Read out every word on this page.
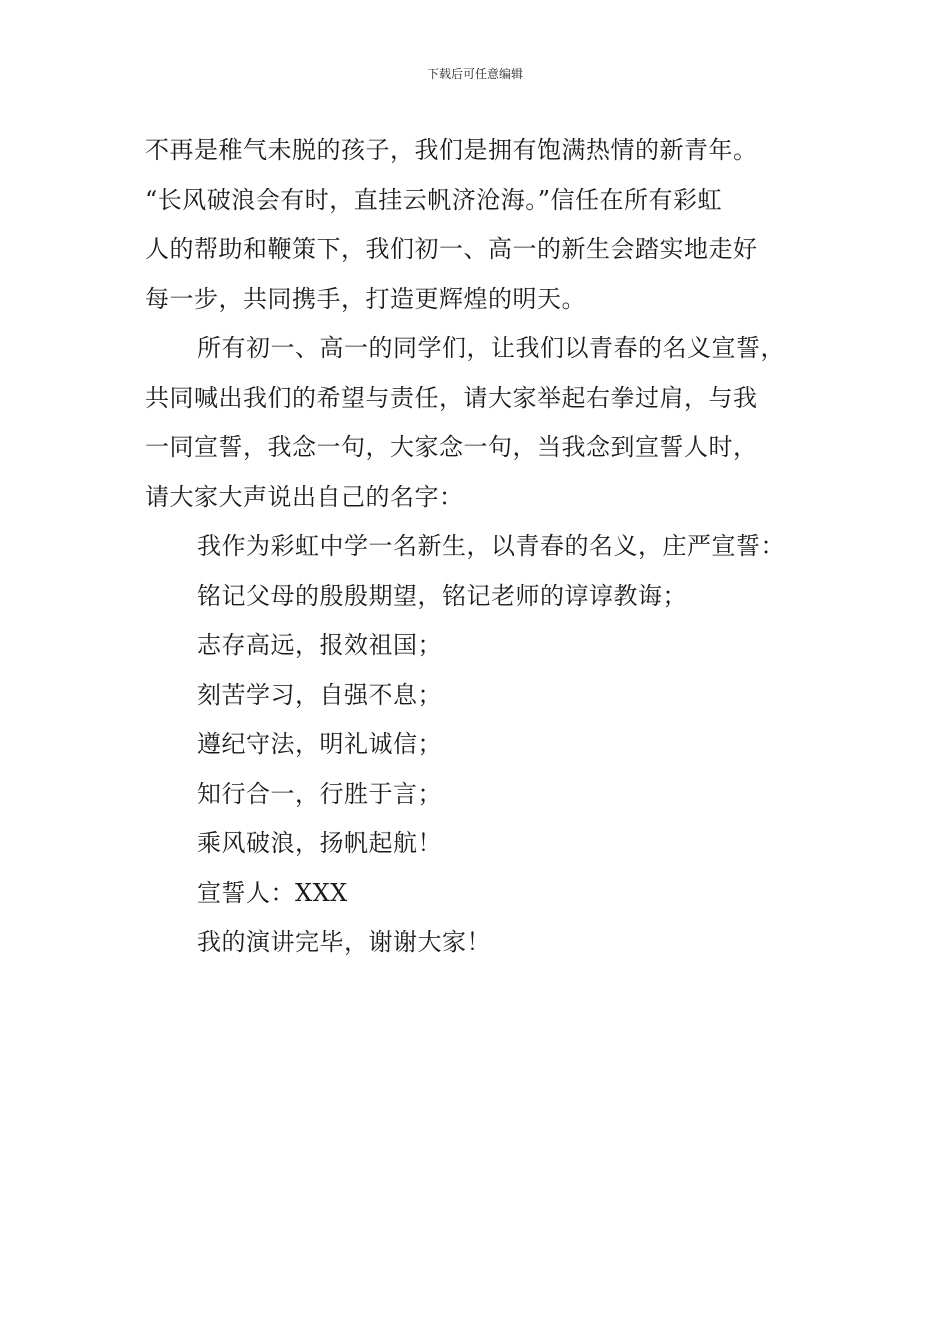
下载后可任意编辑
不再是稚气未脱的孩子，我们是拥有饱满热情的新青年。
“长风破浪会有时，直挂云帆济沧海。”信任在所有彩虹
人的帮助和鞭策下，我们初一、高一的新生会踏实地走好
每一步，共同携手，打造更辉煌的明天。
所有初一、高一的同学们，让我们以青春的名义宣誓，
共同喊出我们的希望与责任，请大家举起右拳过肩，与我
一同宣誓，我念一句，大家念一句，当我念到宣誓人时，
请大家大声说出自己的名字：
我作为彩虹中学一名新生，以青春的名义，庄严宣誓：
铭记父母的殷殷期望，铭记老师的谆谆教诲；
志存高远，报效祖国；
刻苦学习，自强不息；
遵纪守法，明礼诚信；
知行合一，行胜于言；
乘风破浪，扬帆起航！
宣誓人：XXX
我的演讲完毕，谢谢大家！
